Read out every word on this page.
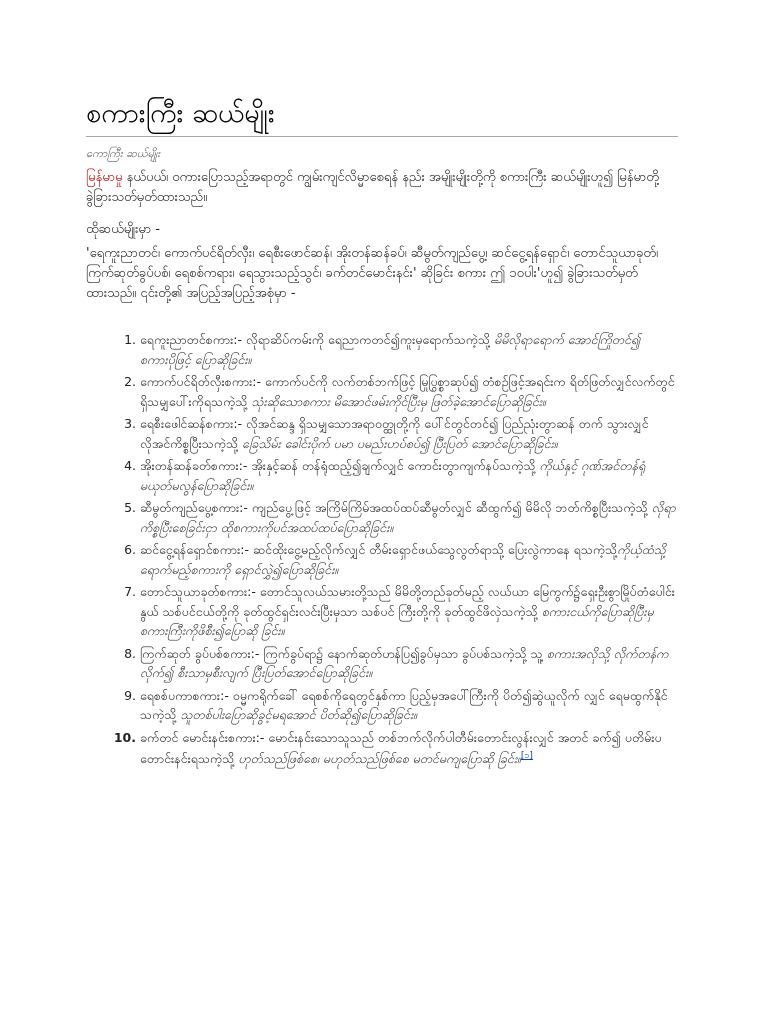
စကားကြီး ဆယ်မျိုး
ကောကြီး ဆယ်မျိုး

မြန်မာမှု နယ်ပယ်၊ ဝကားပြောသည့်အရာတွင် ကျွမ်းကျင်လိမ္မာစေရန် နည်း အမျိုးမျိုးတို့ကို စကားကြီး ဆယ်မျိုးဟူ၍ မြန်မာတို့ ခွဲခြားသတ်မှတ်ထားသည်။

ထိုဆယ်မျိုးမှာ -

'ရေကူးညာတင်၊ ကောက်ပင်ရိတ်လှီး၊ ရေစီးဖောင်ဆန်၊ အိုးတန်ဆန်ခပ်၊ ဆီမွတ်ကျည်ပွေ့၊ ဆင်ငွေ့ရန်ရှောင်၊ တောင်သူယာခုတ်၊ ကြက်ဆုတ်ခွပ်ပစ်၊ ရေစစ်ကရား၊ ရေသွားသည့်သွင်၊ ခက်တင်မောင်းနင်း' ဆိုခြင်း စကား ဤ ၁၀ပါး'ဟူ၍ ခွဲခြားသတ်မှတ်ထားသည်။ ၎င်းတို့၏ အပြည့်အပြည့်အစုံမှာ -

1. ရေကူးညာတင်စကား:- လိုရာဆိပ်ကမ်းကို ရေညာကတင်၍ကူးမှရောက်သကဲ့သို့ မိမိလိုရာရောက် အောင်ကြိုတင်၍ စကားပိုဖြင့် ပြောဆိုခြင်း။
2. ကောက်ပင်ရိတ်လှီးစကား:- ကောက်ပင်ကို လက်တစ်ဘက်ဖြင့် မြုပြွစ္စာဆုပ်၍ တံစဉ်ဖြင့်အရင်းက ရိတ်ဖြတ်လျှင်လက်တွင်ရှိသမျှပေါ်းကိုရသကဲ့သို့ သုံးဆိုသောစကား မိအောင်ဖမ်းကိုင်ပြီးမှ ဖြတ်ခဲ့အောင်ပြောဆိုခြင်း။
3. ရေစီးဖေါင်ဆန်စကား:- လိုအင်ဆန္ဒ ရှိသမျှသောအရာဝတ္ထုတို့ကို ပေါ်င်တွင်တင်၍ ပြည်ညုံးတွာဆန် တက် သွားလျှင် လိုအင်ကိစ္စပြီးသကဲ့သို့ ခြေသိမ်း ခေါင်းပိုက် ပမာ ပမည်းပာပ်စပ်၍ ပြီးပြတ် အောင်ပြောဆိုခြင်း။
4. အိုးတန်ဆန်ခတ်စကား:- အိုးနှင့်ဆန် တန်ရုံထည့်၍ချက်လျှင် ကောင်းတွာကျက်နပ်သကဲ့သို့ ကိုယ်နှင့် ဂုဏ်အင်တန်ရုံ မယုတ်မလွန်ပြောဆိုခြင်း။
5. ဆီမွတ်ကျည်ပွေ့စကား:- ကျည်ပွေ့ဖြင့် အကြိမ်ကြိမ်အထပ်ထပ်ဆီမွတ်လျှင် ဆီထွက်၍ မိမိလို ဘတ်ကိစ္စပြီးသကဲ့သို့ လိုရာကိစ္စပြီးစေခြင်းငှာ ထိုစကားကိုပင်အထပ်ထပ်ပြောဆိုခြင်း။
6. ဆင်ငွေ့ရန်ရှောင်စကား:- ဆင်ထိုးငွေ့မည့်လိုက်လျှင် တီမ်းရှောင်ဖယ်သွေလွတ်ရာသို့ ပြေးလွဲကာနေ ရသကဲ့သို့ကိုယ့်ထံသို့ရောက်မည့်စကားကို ရှောင်လွှဲ၍ပြောဆိုခြင်း။
7. တောင်သူယာခုတ်စကား:- တောင်သူလယ်သမားတို့သည် မိမိတို့တည်ခုတ်မည့် လယ်ယာ မြေကွက်၌ရှေးဦးစွာမြိုပ်တံပေါင်းနွယ် သစ်ပင်ငယ်တို့ကို ခုတ်ထွင်ရှင်းလင်းပြီးမှသာ သစ်ပင် ကြီးတို့ကို ခုတ်ထွင်ဖိလှဲသကဲ့သို့ စကားငယ်ကိုပြောဆိုပြီးမှ စကားကြီးကိုဖိစီး၍ပြောဆို ခြင်း။
8. ကြက်ဆုတ် ခွပ်ပစ်စကား:- ကြက်ခွပ်ရာ၌ နောက်ဆုတ်ဟန်ပြ၍ခွပ်မှသာ ခွပ်ပစ်သကဲ့သို့ သူ့ စကားအလိုသို့ လိုက်တန်ကလိုက်၍ စီးသာမှစီးလျက် ပြီးပြတ်အောင်ပြောဆိုခြင်း။
9. ရေစစ်ပကာစကား:- ဝမ္မကရိုက်ခေါ် ရေစစ်ကိုရေတွင်နှစ်ကာ ပြည့်မှအပေါ်ကြီးကို ပိတ်၍ဆွဲယူလိုက် လျှင် ရေမထွက်နိုင်သကဲ့သို့ သူတစ်ပါးပြောဆိုခွင့်မရအောင် ပိတ်ဆို၍ပြောဆိုခြင်း။
10. ခက်တင် မောင်းနင်းစကား:- မောင်းနင်းသောသူသည် တစ်ဘက်လိုက်ပါတီမ်းတောင်းလွန်းလျှင် အတင် ခက်၍ ပတိမ်းပတောင်းနင်းရသကဲ့သို့ ဟုတ်သည်ဖြစ်စေ၊ မဟုတ်သည်ဖြစ်စေ မတင်မကျပြောဆို ခြင်း။[၁]
